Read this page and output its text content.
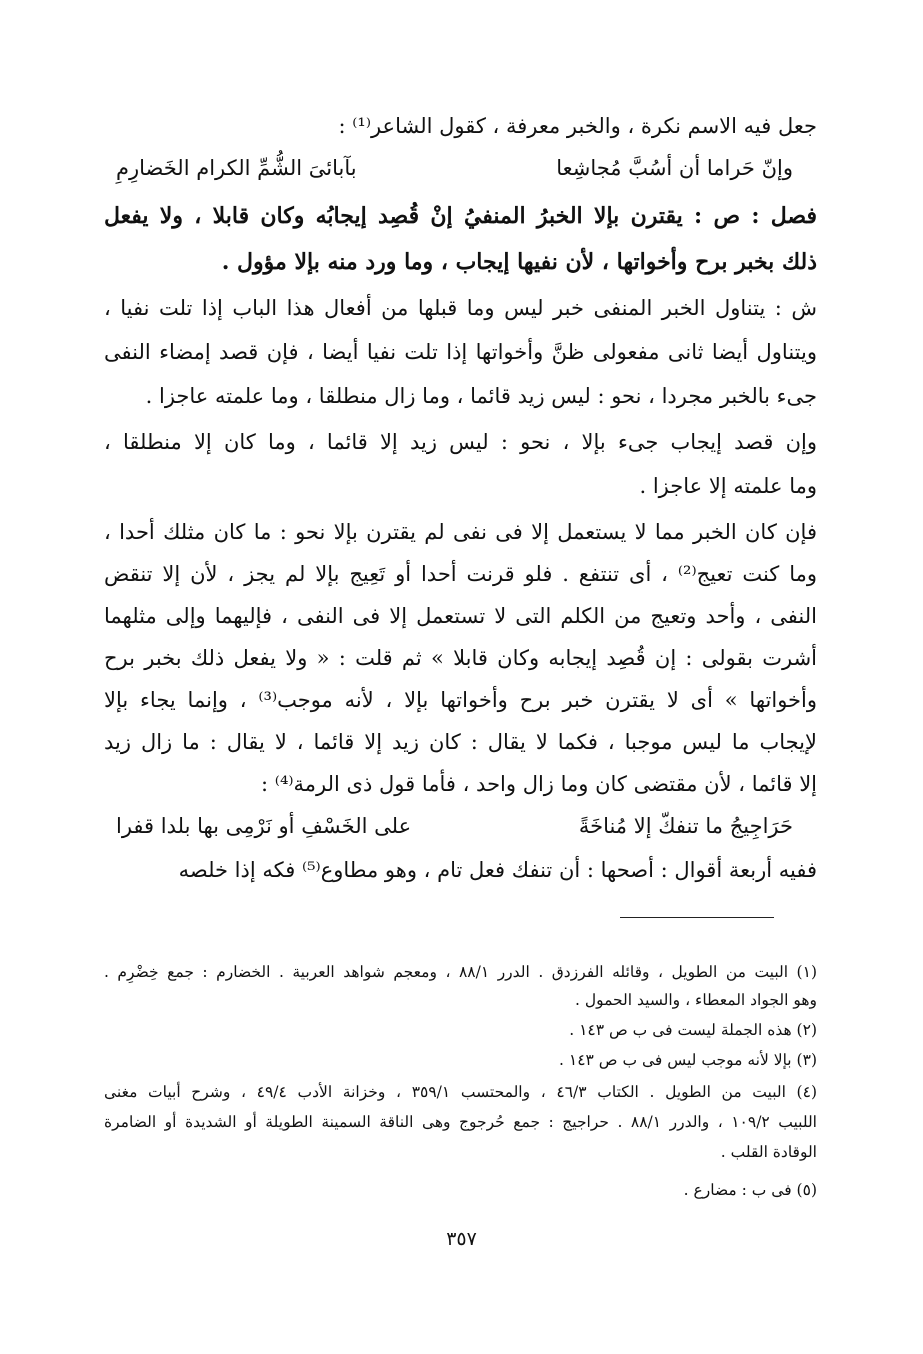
جعل فيه الاسم نكرة ، والخبر معرفة ، كقول الشاعر⁽¹⁾ :
وإنّ حَراما أن أسُبَّ مُجاشِعا
بآبائىَ الشُّمِّ الكرام الخَضارِمِ
فصل : ص : يقترن بإلا الخبرُ المنفيُ إنْ قُصِد إيجابُه وكان قابلا ، ولا يفعل
ذلك بخبر برح وأخواتها ، لأن نفيها إيجاب ، وما ورد منه بإلا مؤول .
ش : يتناول الخبر المنفى خبر ليس وما قبلها من أفعال هذا الباب إذا تلت نفيا ،
ويتناول أيضا ثانى مفعولى ظنَّ وأخواتها إذا تلت نفيا أيضا ، فإن قصد إمضاء النفى
جىء بالخبر مجردا ، نحو : ليس زيد قائما ، وما زال منطلقا ، وما علمته عاجزا .
وإن قصد إيجاب جىء بإلا ، نحو : ليس زيد إلا قائما ، وما كان إلا منطلقا ،
وما علمته إلا عاجزا .
فإن كان الخبر مما لا يستعمل إلا فى نفى لم يقترن بإلا نحو : ما كان مثلك أحدا ،
وما كنت تعيج⁽²⁾ ، أى تنتفع . فلو قرنت أحدا أو تَعِيج بإلا لم يجز ، لأن إلا تنقض
النفى ، وأحد وتعيج من الكلم التى لا تستعمل إلا فى النفى ، فإليهما وإلى مثلهما
أشرت بقولى : إن قُصِد إيجابه وكان قابلا » ثم قلت : « ولا يفعل ذلك بخبر برح
وأخواتها » أى لا يقترن خبر برح وأخواتها بإلا ، لأنه موجب⁽³⁾ ، وإنما يجاء بإلا
لإيجاب ما ليس موجبا ، فكما لا يقال : كان زيد إلا قائما ، لا يقال : ما زال زيد
إلا قائما ، لأن مقتضى كان وما زال واحد ، فأما قول ذى الرمة⁽⁴⁾ :
حَرَاجِيجُ ما تنفكّ إلا مُناخَةً
على الخَسْفِ أو نَرْمِى بها بلدا قفرا
ففيه أربعة أقوال : أصحها : أن تنفك فعل تام ، وهو مطاوع⁽⁵⁾ فكه إذا خلصه
(١) البيت من الطويل ، وقائله الفرزدق . الدرر ٨٨/١ ، ومعجم شواهد العربية . الخضارم : جمع خِضْرِم .
وهو الجواد المعطاء ، والسيد الحمول .
(٢) هذه الجملة ليست فى ب ص ١٤٣ .
(٣) بإلا لأنه موجب ليس فى ب ص ١٤٣ .
(٤) البيت من الطويل . الكتاب ٤٦/٣ ، والمحتسب ٣٥٩/١ ، وخزانة الأدب ٤٩/٤ ، وشرح أبيات مغنى
اللبيب ١٠٩/٢ ، والدرر ٨٨/١ . حراجيج : جمع حُرجوج وهى الناقة السمينة الطويلة أو الشديدة أو الضامرة
الوقادة القلب .
(٥) فى ب : مضارع .
٣٥٧
